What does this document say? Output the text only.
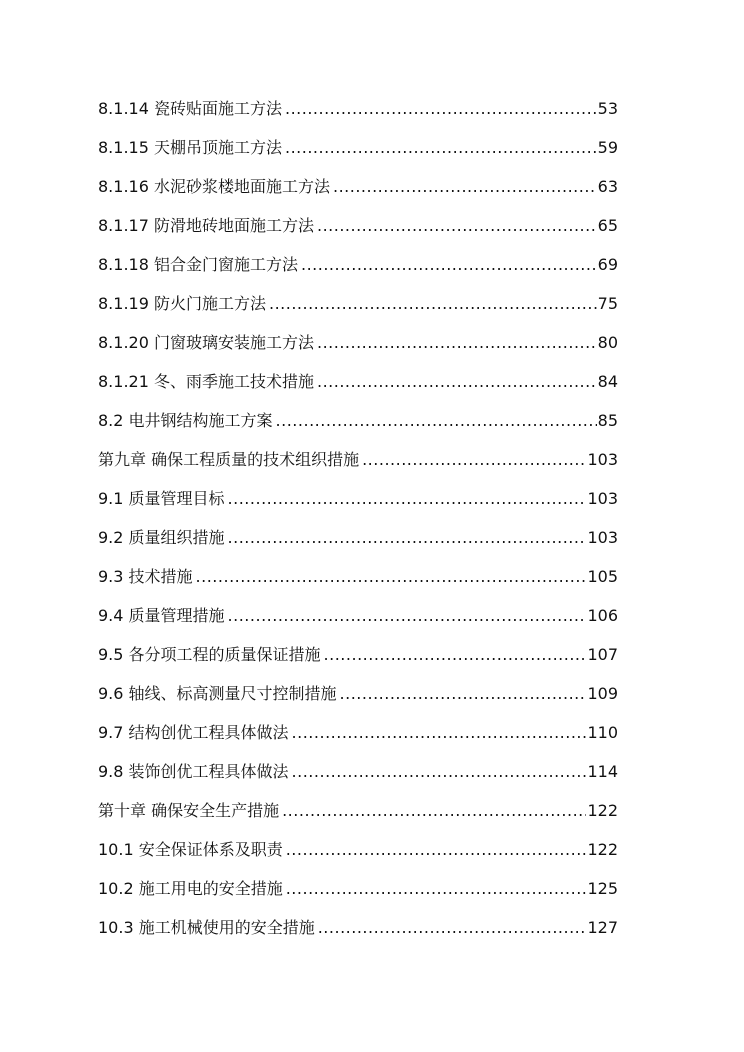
8.1.14 瓷砖贴面施工方法 .....	53
8.1.15 天棚吊顶施工方法 .....	59
8.1.16 水泥砂浆楼地面施工方法 .....	63
8.1.17 防滑地砖地面施工方法 .....	65
8.1.18 铝合金门窗施工方法 .....	69
8.1.19 防火门施工方法 .....	75
8.1.20 门窗玻璃安装施工方法 .....	80
8.1.21 冬、雨季施工技术措施 .....	84
8.2 电井钢结构施工方案 .....	85
第九章 确保工程质量的技术组织措施 .....	103
9.1 质量管理目标 .....	103
9.2 质量组织措施 .....	103
9.3 技术措施 .....	105
9.4 质量管理措施 .....	106
9.5 各分项工程的质量保证措施 .....	107
9.6 轴线、标高测量尺寸控制措施 .....	109
9.7 结构创优工程具体做法 .....	110
9.8 装饰创优工程具体做法 .....	114
第十章 确保安全生产措施 .....	122
10.1 安全保证体系及职责 .....	122
10.2 施工用电的安全措施 .....	125
10.3 施工机械使用的安全措施 .....	127
